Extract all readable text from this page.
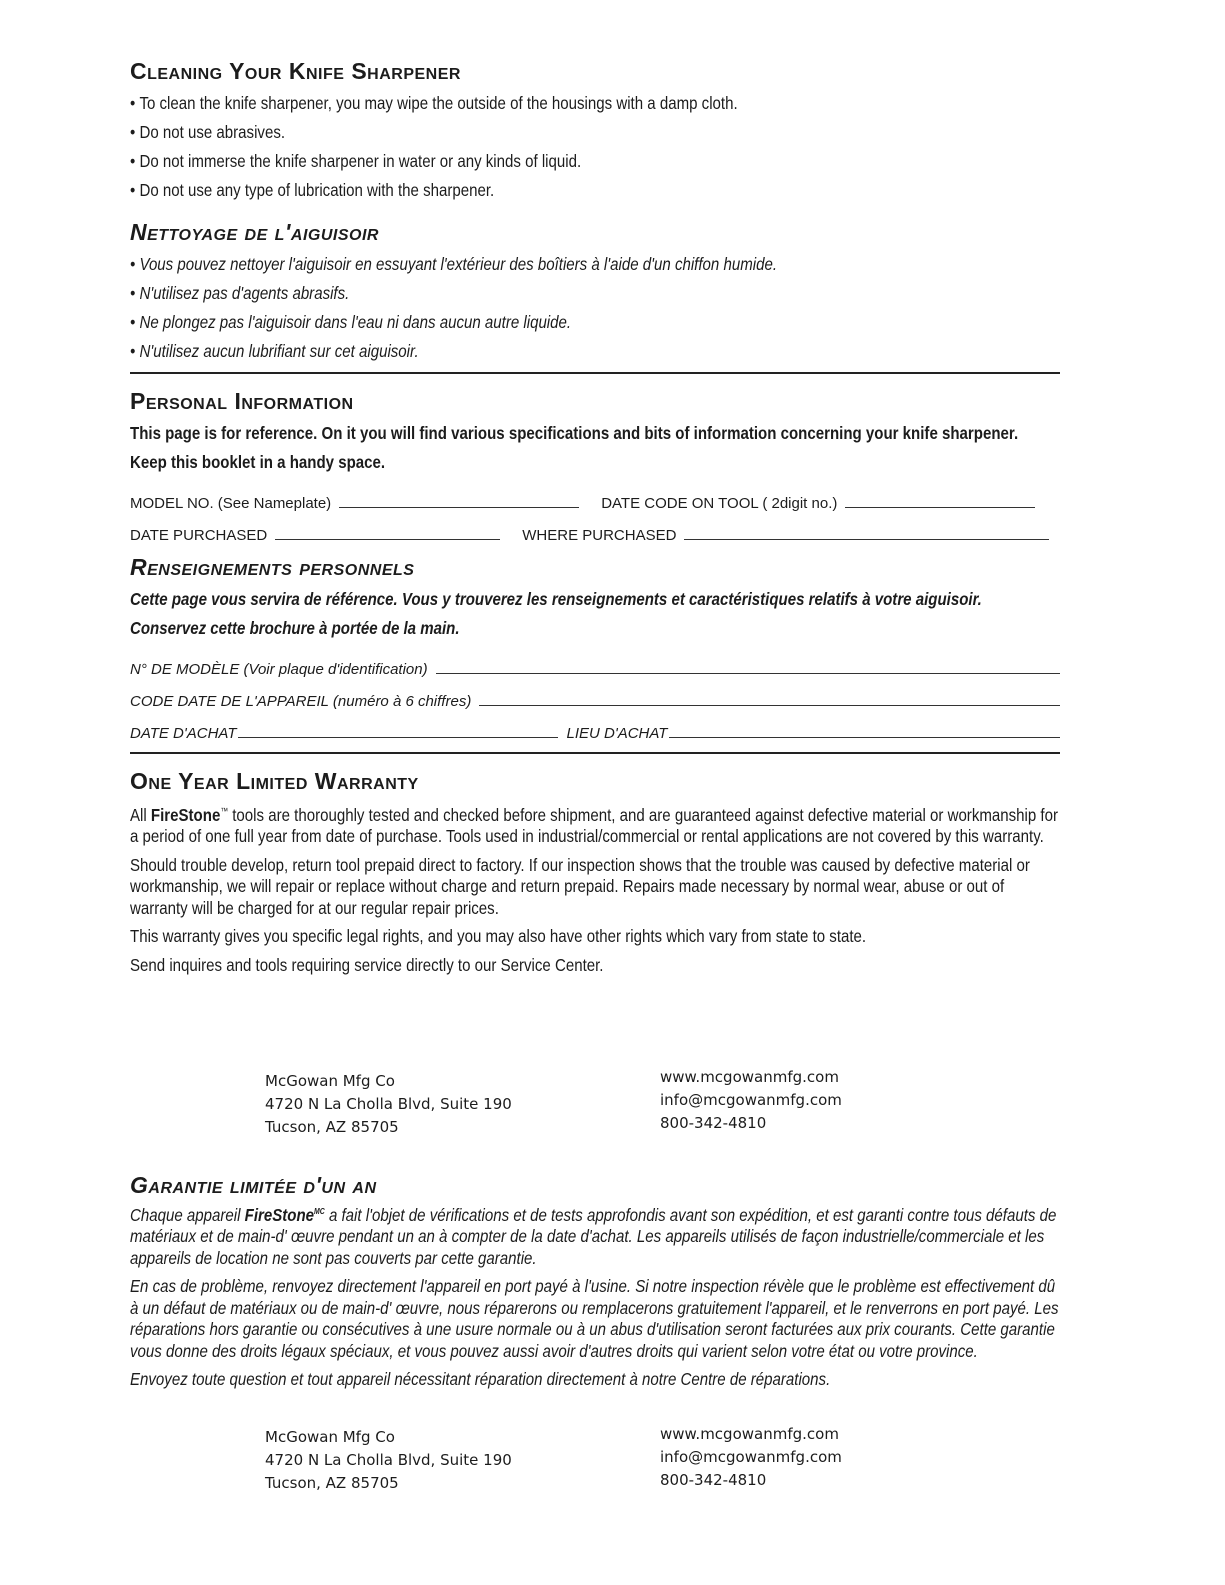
Cleaning Your Knife Sharpener
• To clean the knife sharpener, you may wipe the outside of the housings with a damp cloth.
• Do not use abrasives.
• Do not immerse the knife sharpener in water or any kinds of liquid.
• Do not use any type of lubrication with the sharpener.
Nettoyage de l'aiguisoir
• Vous pouvez nettoyer l'aiguisoir en essuyant l'extérieur des boîtiers à l'aide d'un chiffon humide.
• N'utilisez pas d'agents abrasifs.
• Ne plongez pas l'aiguisoir dans l'eau ni dans aucun autre liquide.
• N'utilisez aucun lubrifiant sur cet aiguisoir.
Personal Information

This page is for reference. On it you will find various specifications and bits of information concerning your knife sharpener.

Keep this booklet in a handy space.

MODEL NO. (See Nameplate)	DATE CODE ON TOOL ( 2digit no.)
DATE PURCHASED	WHERE PURCHASED
Renseignements personnels

Cette page vous servira de référence. Vous y trouverez les renseignements et caractéristiques relatifs à votre aiguisoir.

Conservez cette brochure à portée de la main.

N° DE MODÈLE (Voir plaque d'identification)
CODE DATE DE L'APPAREIL (numéro à 6 chiffres)
DATE D'ACHAT	LIEU D'ACHAT
One Year Limited Warranty

All FireStone™ tools are thoroughly tested and checked before shipment, and are guaranteed against defective material or workmanship for a period of one full year from date of purchase. Tools used in industrial/commercial or rental applications are not covered by this warranty.

Should trouble develop, return tool prepaid direct to factory. If our inspection shows that the trouble was caused by defective material or workmanship, we will repair or replace without charge and return prepaid. Repairs made necessary by normal wear, abuse or out of warranty will be charged for at our regular repair prices.

This warranty gives you specific legal rights, and you may also have other rights which vary from state to state.

Send inquires and tools requiring service directly to our Service Center.

McGowan Mfg Co
4720 N La Cholla Blvd, Suite 190
Tucson, AZ 85705
www.mcgowanmfg.com
info@mcgowanmfg.com
800-342-4810
Garantie limitée d'un an

Chaque appareil FireStone$^{MC}$ a fait l'objet de vérifications et de tests approfondis avant son expédition, et est garanti contre tous défauts de matériaux et de main-d' œuvre pendant un an à compter de la date d'achat. Les appareils utilisés de façon industrielle/commerciale et les appareils de location ne sont pas couverts par cette garantie.

En cas de problème, renvoyez directement l'appareil en port payé à l'usine. Si notre inspection révèle que le problème est effectivement dû à un défaut de matériaux ou de main-d' œuvre, nous réparerons ou remplacerons gratuitement l'appareil, et le renverrons en port payé. Les réparations hors garantie ou consécutives à une usure normale ou à un abus d'utilisation seront facturées aux prix courants. Cette garantie vous donne des droits légaux spéciaux, et vous pouvez aussi avoir d'autres droits qui varient selon votre état ou votre province.

Envoyez toute question et tout appareil nécessitant réparation directement à notre Centre de réparations.

McGowan Mfg Co
4720 N La Cholla Blvd, Suite 190
Tucson, AZ 85705
www.mcgowanmfg.com
info@mcgowanmfg.com
800-342-4810
